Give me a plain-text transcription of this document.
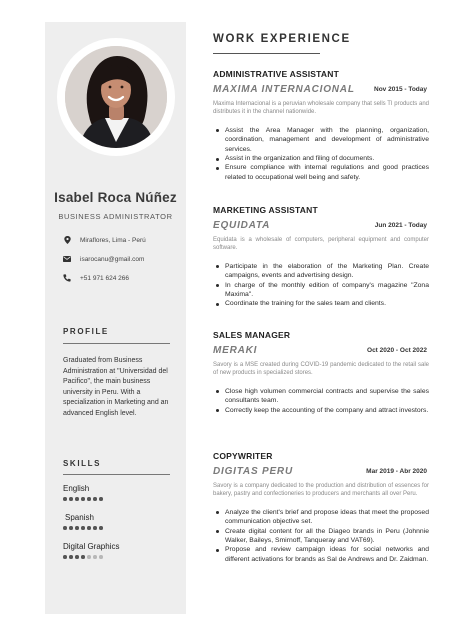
Isabel Roca Núñez
BUSINESS ADMINISTRATOR
Miraflores, Lima - Perú
isarocanu@gmail.com
+51 971 624 266
PROFILE
Graduated from Business Administration at "Universidad del Pacifico", the main business university in Peru. With a specialization in Marketing and an advanced English level.
SKILLS
English
Spanish
Digital Graphics
WORK EXPERIENCE
ADMINISTRATIVE ASSISTANT
MAXIMA INTERNACIONAL	Nov 2015 - Today
Maxima Internacional is a peruvian wholesale company that sells TI products and distributes it in the channel nationwide.
Assist the Area Manager with the planning, organization, coordination, management and development of administrative services.
Assist in the organization and filing of documents.
Ensure compliance with internal regulations and good practices related to occupational well being and safety.
MARKETING ASSISTANT
EQUIDATA	Jun 2021 - Today
Equidata is a wholesale of computers, peripheral equipment and computer software.
Participate in the elaboration of the Marketing Plan. Create campaigns, events and advertising design.
In charge of the monthly edition of company's magazine "Zona Maxima".
Coordinate the training for the sales team and clients.
SALES MANAGER
MERAKI	Oct 2020 - Oct 2022
Savory is a MSE created during COVID-19 pandemic dedicated to the retail sale of new products in specialized stores.
Close high volumen commercial contracts and supervise the sales consultants team.
Correctly keep the accounting of the company and attract investors.
COPYWRITER
DIGITAS PERU	Mar 2019 - Abr 2020
Savory is a company dedicated to the production and distribution of essences for bakery, pastry and confectioneries to producers and merchants all over Peru.
Analyze the client's brief and propose ideas that meet the proposed communication objective set.
Create digital content for all the Diageo brands in Peru (Johnnie Walker, Baileys, Smirnoff, Tanqueray and VAT69).
Propose and review campaign ideas for social networks and different activations for brands as Sal de Andrews and Dr. Zaidman.
